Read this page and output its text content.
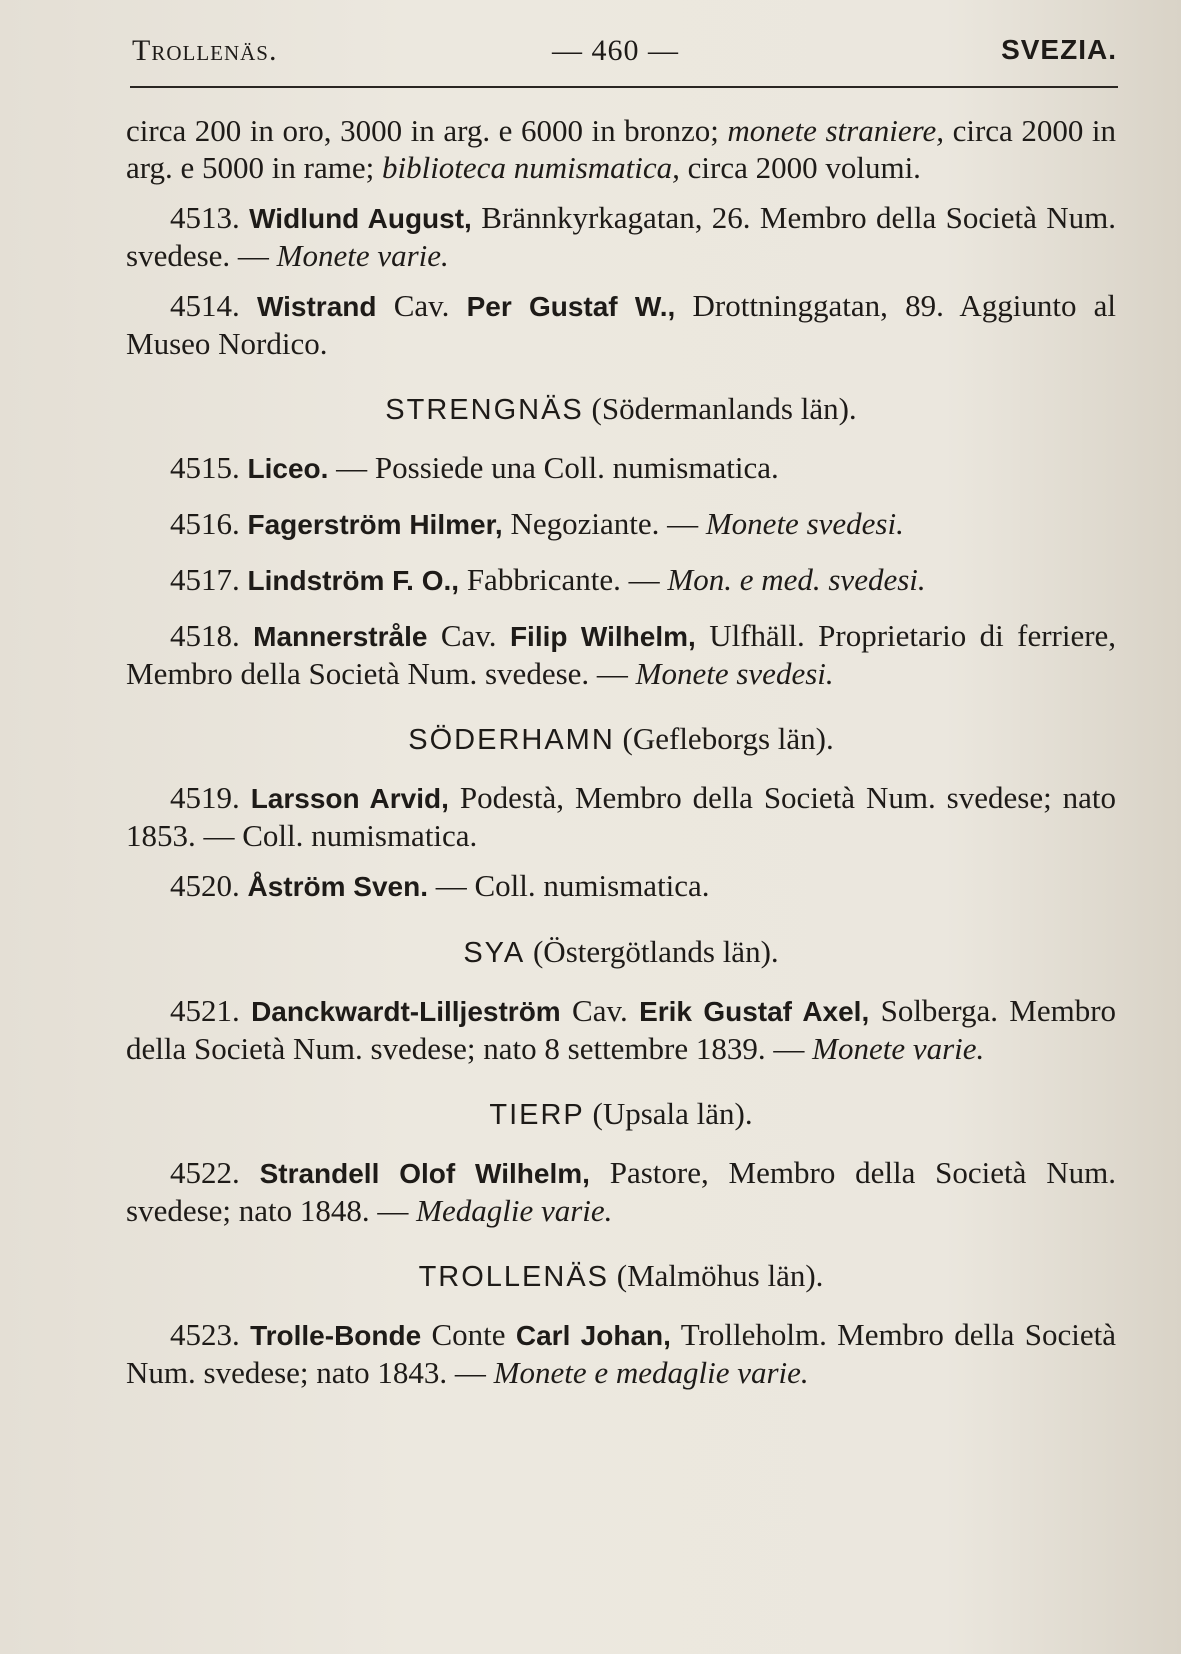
Trollenäs.	— 460 —	SVEZIA.

circa 200 in oro, 3000 in arg. e 6000 in bronzo; monete straniere, circa 2000 in arg. e 5000 in rame; biblioteca numismatica, circa 2000 volumi.

4513. Widlund August, Brännkyrkagatan, 26. Membro della Società Num. svedese. — Monete varie.

4514. Wistrand Cav. Per Gustaf W., Drottninggatan, 89. Aggiunto al Museo Nordico.

STRENGNÄS (Södermanlands län).

4515. Liceo. — Possiede una Coll. numismatica.

4516. Fagerström Hilmer, Negoziante. — Monete svedesi.

4517. Lindström F. O., Fabbricante. — Mon. e med. svedesi.

4518. Mannerstråle Cav. Filip Wilhelm, Ulfhäll. Proprietario di ferriere, Membro della Società Num. svedese. — Monete svedesi.

SÖDERHAMN (Gefleborgs län).

4519. Larsson Arvid, Podestà, Membro della Società Num. svedese; nato 1853. — Coll. numismatica.

4520. Åström Sven. — Coll. numismatica.

SYA (Östergötlands län).

4521. Danckwardt-Lilljeström Cav. Erik Gustaf Axel, Solberga. Membro della Società Num. svedese; nato 8 settembre 1839. — Monete varie.

TIERP (Upsala län).

4522. Strandell Olof Wilhelm, Pastore, Membro della Società Num. svedese; nato 1848. — Medaglie varie.

TROLLENÄS (Malmöhus län).

4523. Trolle-Bonde Conte Carl Johan, Trolleholm. Membro della Società Num. svedese; nato 1843. — Monete e medaglie varie.
